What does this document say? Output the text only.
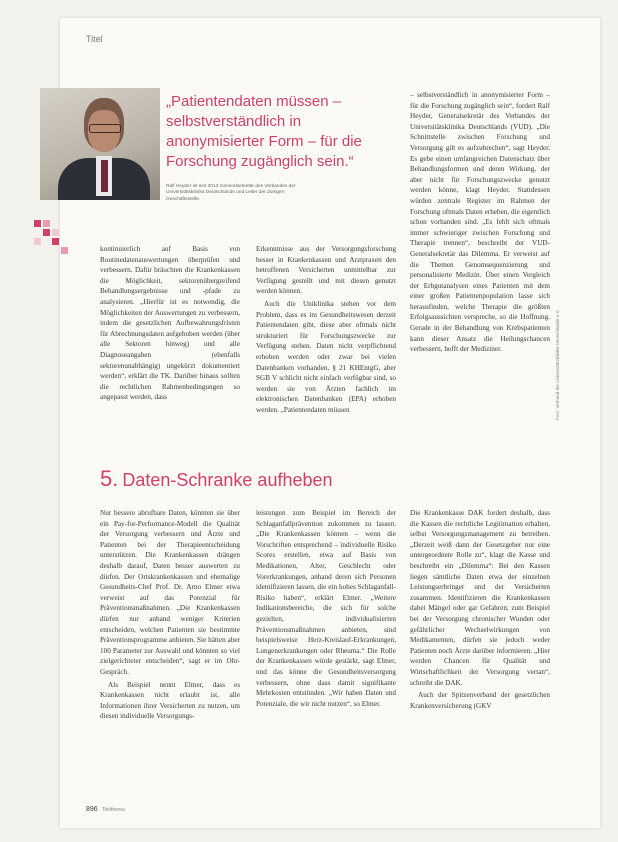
Titel

„Patientendaten müssen – selbstverständlich in anonymisierter Form – für die Forschung zugänglich sein.“

Ralf Heyder ist seit 2013 Generalsekretär des Verbandes der Universitätsklinika Deutschlands und Leiter der dortigen Geschäftsstelle.

kontinuierlich auf Basis von Routinedatenauswertungen überprüfen und verbessern. Dafür bräuchten die Krankenkassen die Möglichkeit, sektorenübergreifend Behandlungsergebnisse und -pfade zu analysieren. „Hierfür ist es notwendig, die Möglichkeiten der Auswertungen zu verbessern, indem die gesetzlichen Aufbewahrungsfristen für Abrechnungsdaten aufgehoben werden (über alle Sektoren hinweg) und alle Diagnoseangaben (ebenfalls sektorenunabhängig) ungekürzt dokumentiert werden“, erklärt die TK. Darüber hinaus sollten die rechtlichen Rahmenbedingungen so angepasst werden, dass

Erkenntnisse aus der Versorgungsforschung besser in Krankenkassen und Arztpraxen den betroffenen Versicherten unmittelbar zur Verfügung gestellt und mit diesen genutzt werden können.

Auch die Uniklinika stehen vor dem Problem, dass es im Gesundheitswesen derzeit Patientendaten gibt, diese aber oftmals nicht strukturiert für Forschungszwecke zur Verfügung stehen. Daten nicht verpflichtend erhoben werden oder zwar bei vielen Datenbanken vorhanden, § 21 KHEntgG, aber SGB V schlicht nicht einfach verfügbar sind, so werden sie von Ärzten fachlich im elektronischen Datenbanken (EPA) erhoben werden. „Patientendaten müssen

– selbstverständlich in anonymisierter Form – für die Forschung zugänglich sein“, fordert Ralf Heyder, Generalsekretär des Verbandes der Universitätsklinika Deutschlands (VUD). „Die Schnittstelle zwischen Forschung und Versorgung gilt es aufzubrechen“, sagt Heyder. Es gebe einen umfangreichen Datenschatz über Behandlungsformen und deren Wirkung, der aber nicht für Forschungszwecke genutzt werden könne, klagt Heyder. Stattdessen würden zentrale Register im Rahmen der Forschung oftmals Daten erheben, die eigentlich schon vorhanden sind. „Es fehlt sich oftmals immer schwieriger zwischen Forschung und Therapie trennen“, beschreibt der VUD-Generalsekretär das Dilemma. Er verweist auf die Themen Genomsequenzierung und personalisierte Medizin. Über einen Vergleich der Erbgutanalysen eines Patienten mit dem einer großen Patientenpopulation lasse sich herausfinden, welche Therapie die größten Erfolgsaussichten verspreche, so die Hoffnung. Gerade in der Behandlung von Krebspatienten kann dieser Ansatz die Heilungschancen verbessern, hofft der Mediziner.	Foto: Verband der Universitätsklinika Deutschlands e.V.
5. Daten-Schranke aufheben

Nur bessere abrufbare Daten, könnten sie über ein Pay-for-Performance-Modell die Qualität der Versorgung verbessern und Ärzte und Patienten bei der Therapieentscheidung unterstützen. Die Krankenkassen drängen deshalb darauf, Daten besser auswerten zu dürfen. Der Ortskrankenkassen und ehemalige Gesundheits-Chef Prof. Dr. Arno Elmer etwa verweist auf das Potenzial für Präventionsmaßnahmen. „Die Krankenkassen dürfen nur anhand weniger Kriterien entscheiden, welchen Patienten sie bestimmte Präventionsprogramme anbieten. Sie hätten aber 100 Parameter zur Auswahl und könnten so viel zielgerichteter entscheiden“, sagt er im Ohr-Gespräch.

Als Beispiel nennt Elmer, dass es Krankenkassen nicht erlaubt ist, alle Informationen ihrer Versicherten zu nutzen, um diesen individuelle Versorgungs-

leistungen zum Beispiel im Bereich der Schlaganfallprävention zukommen zu lassen. „Die Krankenkassen können – wenn die Vorschriften entsprechend – individuelle Risiko Scores erstellen, etwa auf Basis von Medikationen, Alter, Geschlecht oder Vorerkrankungen, anhand deren sich Personen identifizieren lassen, die ein hohes Schlaganfall-Risiko haben“, erklärt Elmer. „Weitere Indikationsbereiche, die sich für solche gezielten, individualisierten Präventionsmaßnahmen anbieten, sind beispielsweise Herz-Kreislauf-Erkrankungen, Lungenerkrankungen oder Rheuma.“ Die Rolle der Krankenkassen würde gestärkt, sagt Elmer, und das könne die Gesundheitsversorgung verbessern, ohne dass damit signifikante Mehrkosten entstünden. „Wir haben Daten und Potenziale, die wir nicht nutzen“, so Elmer.

Die Krankenkasse DAK fordert deshalb, dass die Kassen die rechtliche Legitimation erhalten, selbst Versorgungsmanagement zu betreiben. „Derzeit weiß dann der Gesetzgeber nur eine untergeordnete Rolle zu“, klagt die Kasse und beschreibt ein „Dilemma“: Bei den Kassen liegen sämtliche Daten etwa der einzelnen Leistungserbringer und der Versicherten zusammen. Identifizieren die Krankenkassen dabei Mängel oder gar Gefahren, zum Beispiel bei der Versorgung chronischer Wunden oder gefährlicher Wechselwirkungen von Medikamenten, dürfen sie jedoch weder Patienten noch Ärzte darüber informieren. „Hier werden Chancen für Qualität und Wirtschaftlichkeit der Versorgung vertan“, schreibt die DAK.

Auch der Spitzenverband der gesetzlichen Krankenversicherung (GKV

896 Titelthema
